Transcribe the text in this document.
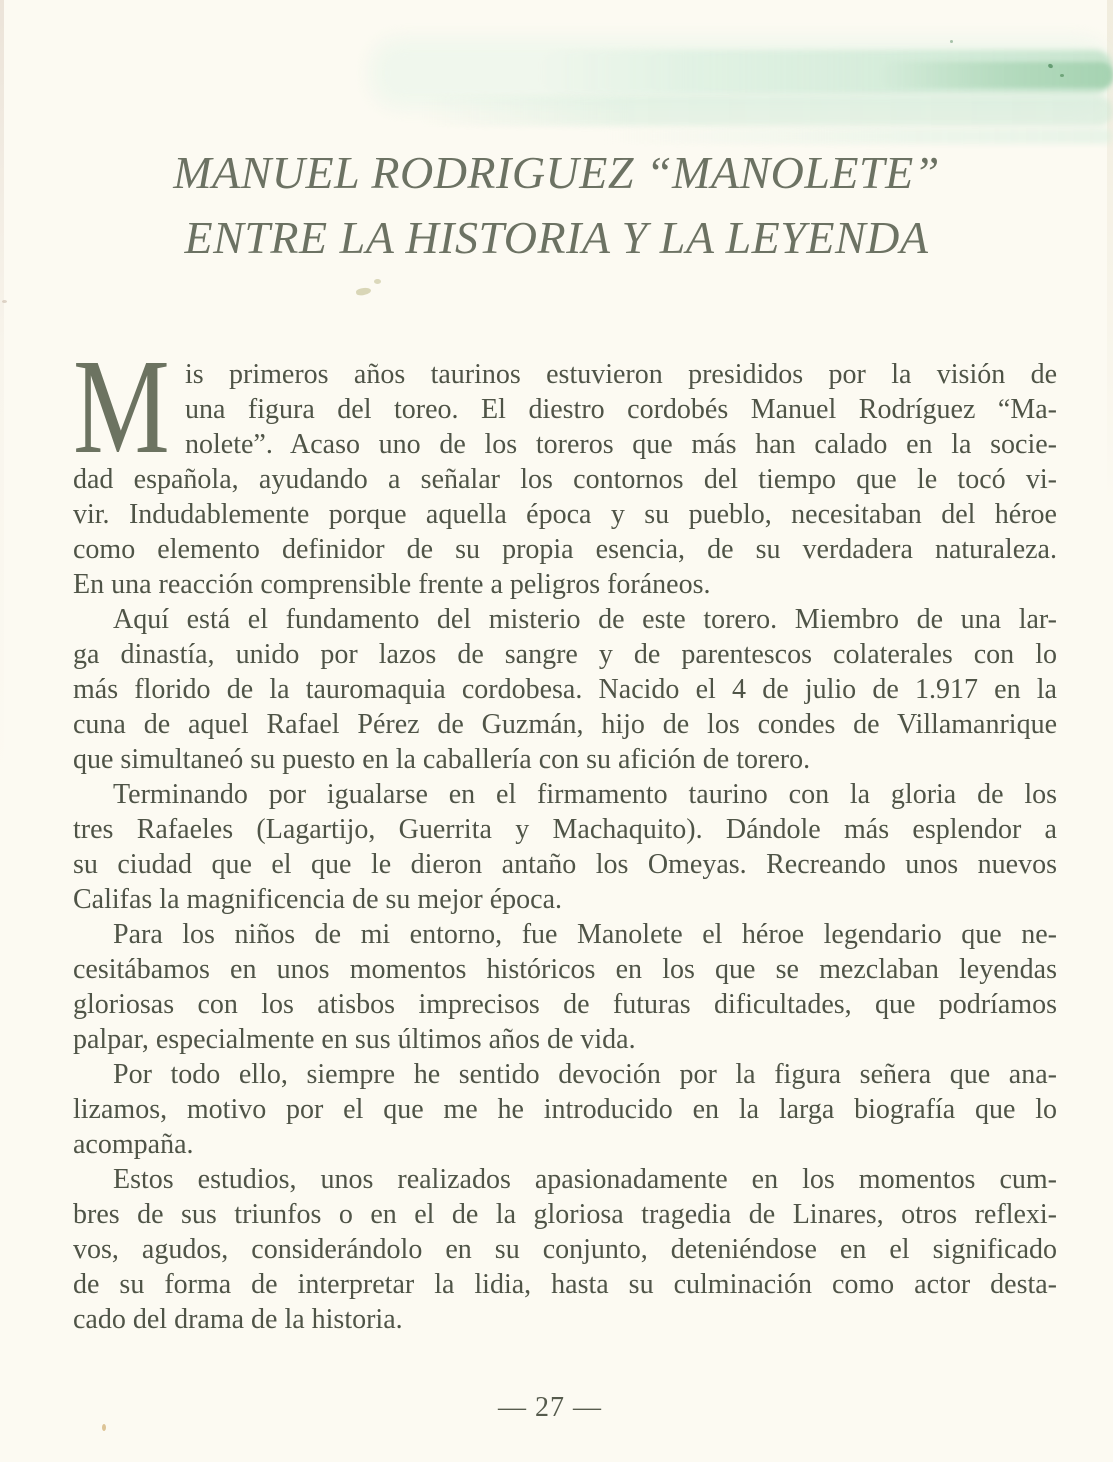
MANUEL RODRIGUEZ “MANOLETE”
ENTRE LA HISTORIA Y LA LEYENDA
M is primeros años taurinos estuvieron presididos por la visión de
una figura del toreo. El diestro cordobés Manuel Rodríguez “Ma-
nolete”. Acaso uno de los toreros que más han calado en la socie-
dad española, ayudando a señalar los contornos del tiempo que le tocó vi-
vir. Indudablemente porque aquella época y su pueblo, necesitaban del héroe
como elemento definidor de su propia esencia, de su verdadera naturaleza.
En una reacción comprensible frente a peligros foráneos.
Aquí está el fundamento del misterio de este torero. Miembro de una lar-
ga dinastía, unido por lazos de sangre y de parentescos colaterales con lo
más florido de la tauromaquia cordobesa. Nacido el 4 de julio de 1.917 en la
cuna de aquel Rafael Pérez de Guzmán, hijo de los condes de Villamanrique
que simultaneó su puesto en la caballería con su afición de torero.
Terminando por igualarse en el firmamento taurino con la gloria de los
tres Rafaeles (Lagartijo, Guerrita y Machaquito). Dándole más esplendor a
su ciudad que el que le dieron antaño los Omeyas. Recreando unos nuevos
Califas la magnificencia de su mejor época.
Para los niños de mi entorno, fue Manolete el héroe legendario que ne-
cesitábamos en unos momentos históricos en los que se mezclaban leyendas
gloriosas con los atisbos imprecisos de futuras dificultades, que podríamos
palpar, especialmente en sus últimos años de vida.
Por todo ello, siempre he sentido devoción por la figura señera que ana-
lizamos, motivo por el que me he introducido en la larga biografía que lo
acompaña.
Estos estudios, unos realizados apasionadamente en los momentos cum-
bres de sus triunfos o en el de la gloriosa tragedia de Linares, otros reflexi-
vos, agudos, considerándolo en su conjunto, deteniéndose en el significado
de su forma de interpretar la lidia, hasta su culminación como actor desta-
cado del drama de la historia.
— 27 —
